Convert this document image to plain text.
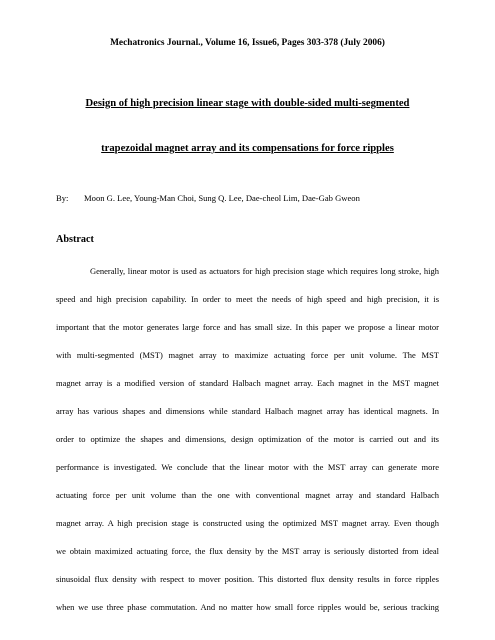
Mechatronics Journal., Volume 16, Issue6, Pages 303-378 (July 2006)
Design of high precision linear stage with double-sided multi-segmented
trapezoidal magnet array and its compensations for force ripples
By: Moon G. Lee, Young-Man Choi, Sung Q. Lee, Dae-cheol Lim, Dae-Gab Gweon
Abstract
Generally, linear motor is used as actuators for high precision stage which requires long stroke, high
speed and high precision capability. In order to meet the needs of high speed and high precision, it is
important that the motor generates large force and has small size. In this paper we propose a linear motor
with multi-segmented (MST) magnet array to maximize actuating force per unit volume. The MST
magnet array is a modified version of standard Halbach magnet array. Each magnet in the MST magnet
array has various shapes and dimensions while standard Halbach magnet array has identical magnets. In
order to optimize the shapes and dimensions, design optimization of the motor is carried out and its
performance is investigated. We conclude that the linear motor with the MST array can generate more
actuating force per unit volume than the one with conventional magnet array and standard Halbach
magnet array. A high precision stage is constructed using the optimized MST magnet array. Even though
we obtain maximized actuating force, the flux density by the MST array is seriously distorted from ideal
sinusoidal flux density with respect to mover position. This distorted flux density results in force ripples
when we use three phase commutation. And no matter how small force ripples would be, serious tracking
